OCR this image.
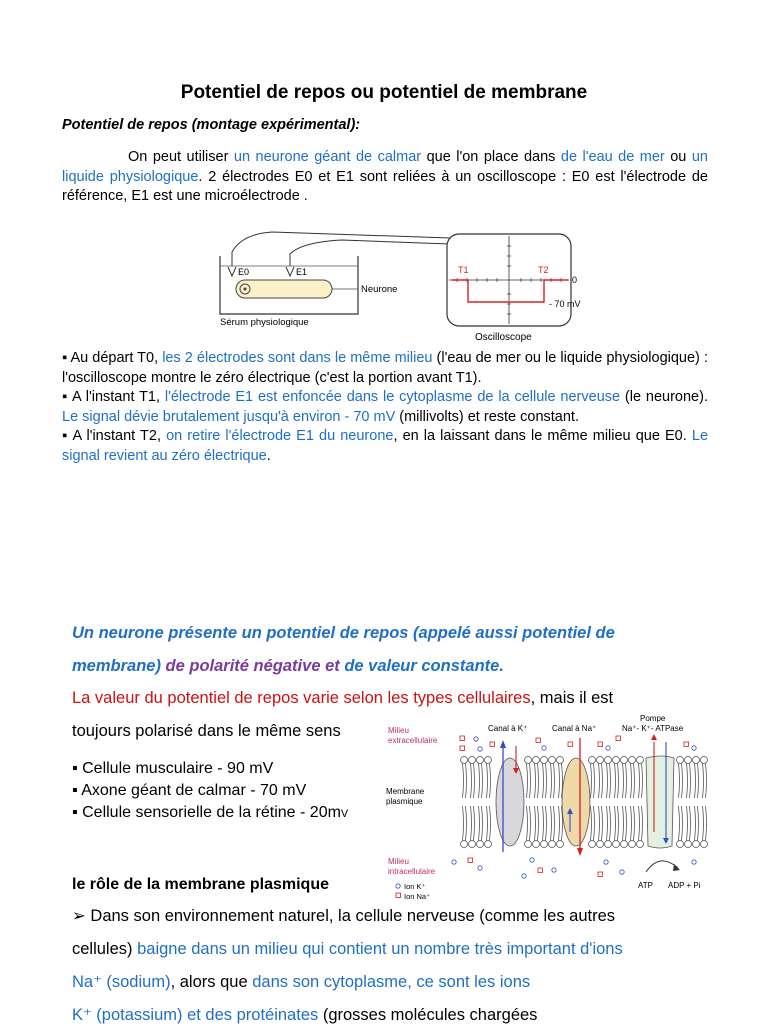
Potentiel de repos ou potentiel de membrane
Potentiel de repos (montage expérimental):
On peut utiliser un neurone géant de calmar que l'on place dans de l'eau de mer ou un liquide physiologique. 2 électrodes E0 et E1 sont reliées à un oscilloscope : E0 est l'électrode de référence, E1 est une microélectrode .
E0	E1
Neurone
Sérum physiologique
T1	T2
0
- 70 mV
Oscilloscope
▪ Au départ T0, les 2 électrodes sont dans le même milieu (l'eau de mer ou le liquide physiologique) : l'oscilloscope montre le zéro électrique (c'est la portion avant T1).
▪ A l'instant T1, l'électrode E1 est enfoncée dans le cytoplasme de la cellule nerveuse (le neurone). Le signal dévie brutalement jusqu'à environ - 70 mV (millivolts) et reste constant.
▪ A l'instant T2, on retire l'électrode E1 du neurone, en la laissant dans le même milieu que E0. Le signal revient au zéro électrique.
Un neurone présente un potentiel de repos (appelé aussi potentiel de
membrane) de polarité négative et de valeur constante.
La valeur du potentiel de repos varie selon les types cellulaires, mais il est
toujours polarisé dans le même sens
▪ Cellule musculaire - 90 mV
▪ Axone géant de calmar - 70 mV
▪ Cellule sensorielle de la rétine - 20mV
Milieu
extracellulaire
Canal à K⁺	Canal à Na⁺
Pompe
Na⁺- K⁺- ATPase
Membrane
plasmique
Milieu
intracellulaire
Ion K⁺
Ion Na⁺
ATP ADP + Pi
le rôle de la membrane plasmique
➢ Dans son environnement naturel, la cellule nerveuse (comme les autres
cellules) baigne dans un milieu qui contient un nombre très important d'ions
Na⁺ (sodium), alors que dans son cytoplasme, ce sont les ions
K⁺ (potassium) et des protéinates (grosses molécules chargées
